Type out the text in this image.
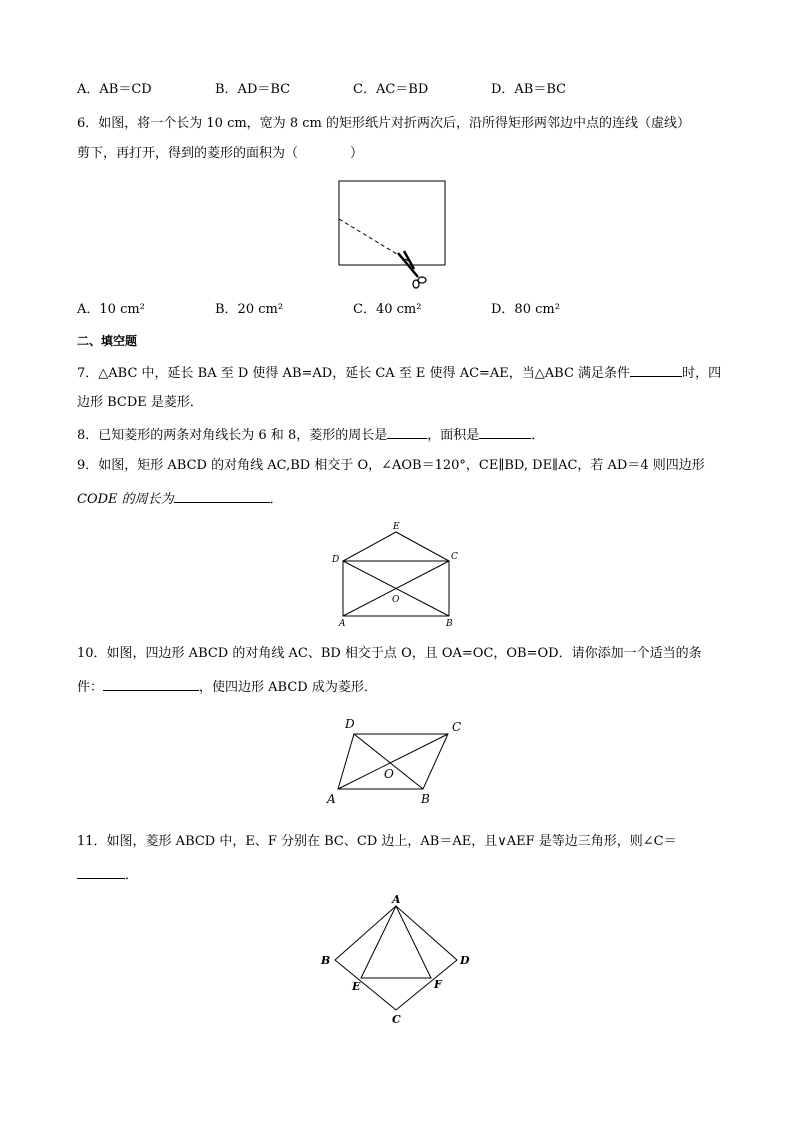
A．AB＝CD	B．AD＝BC	C．AC＝BD	D．AB＝BC
6．如图，将一个长为 10 cm，宽为 8 cm 的矩形纸片对折两次后，沿所得矩形两邻边中点的连线（虚线）
剪下，再打开，得到的菱形的面积为（	）
A．10 cm²	B．20 cm²	C．40 cm²	D．80 cm²
二、填空题
7．△ABC 中，延长 BA 至 D 使得 AB=AD，延长 CA 至 E 使得 AC=AE，当△ABC 满足条件	时，四
边形 BCDE 是菱形．
8．已知菱形的两条对角线长为 6 和 8，菱形的周长是	，面积是	．
9．如图，矩形 ABCD 的对角线 AC,BD 相交于 O，∠AOB＝120°，CE∥BD, DE∥AC，若 AD＝4 则四边形
CODE 的周长为	．
E
D	C
O
A	B
10．如图，四边形 ABCD 的对角线 AC、BD 相交于点 O，且 OA=OC，OB=OD．请你添加一个适当的条
件：	，使四边形 ABCD 成为菱形．
D	C
O
A	B
11．如图，菱形 ABCD 中，E、F 分别在 BC、CD 边上，AB＝AE，且∨AEF 是等边三角形，则∠C＝
．
A
B	D
E	F
C
